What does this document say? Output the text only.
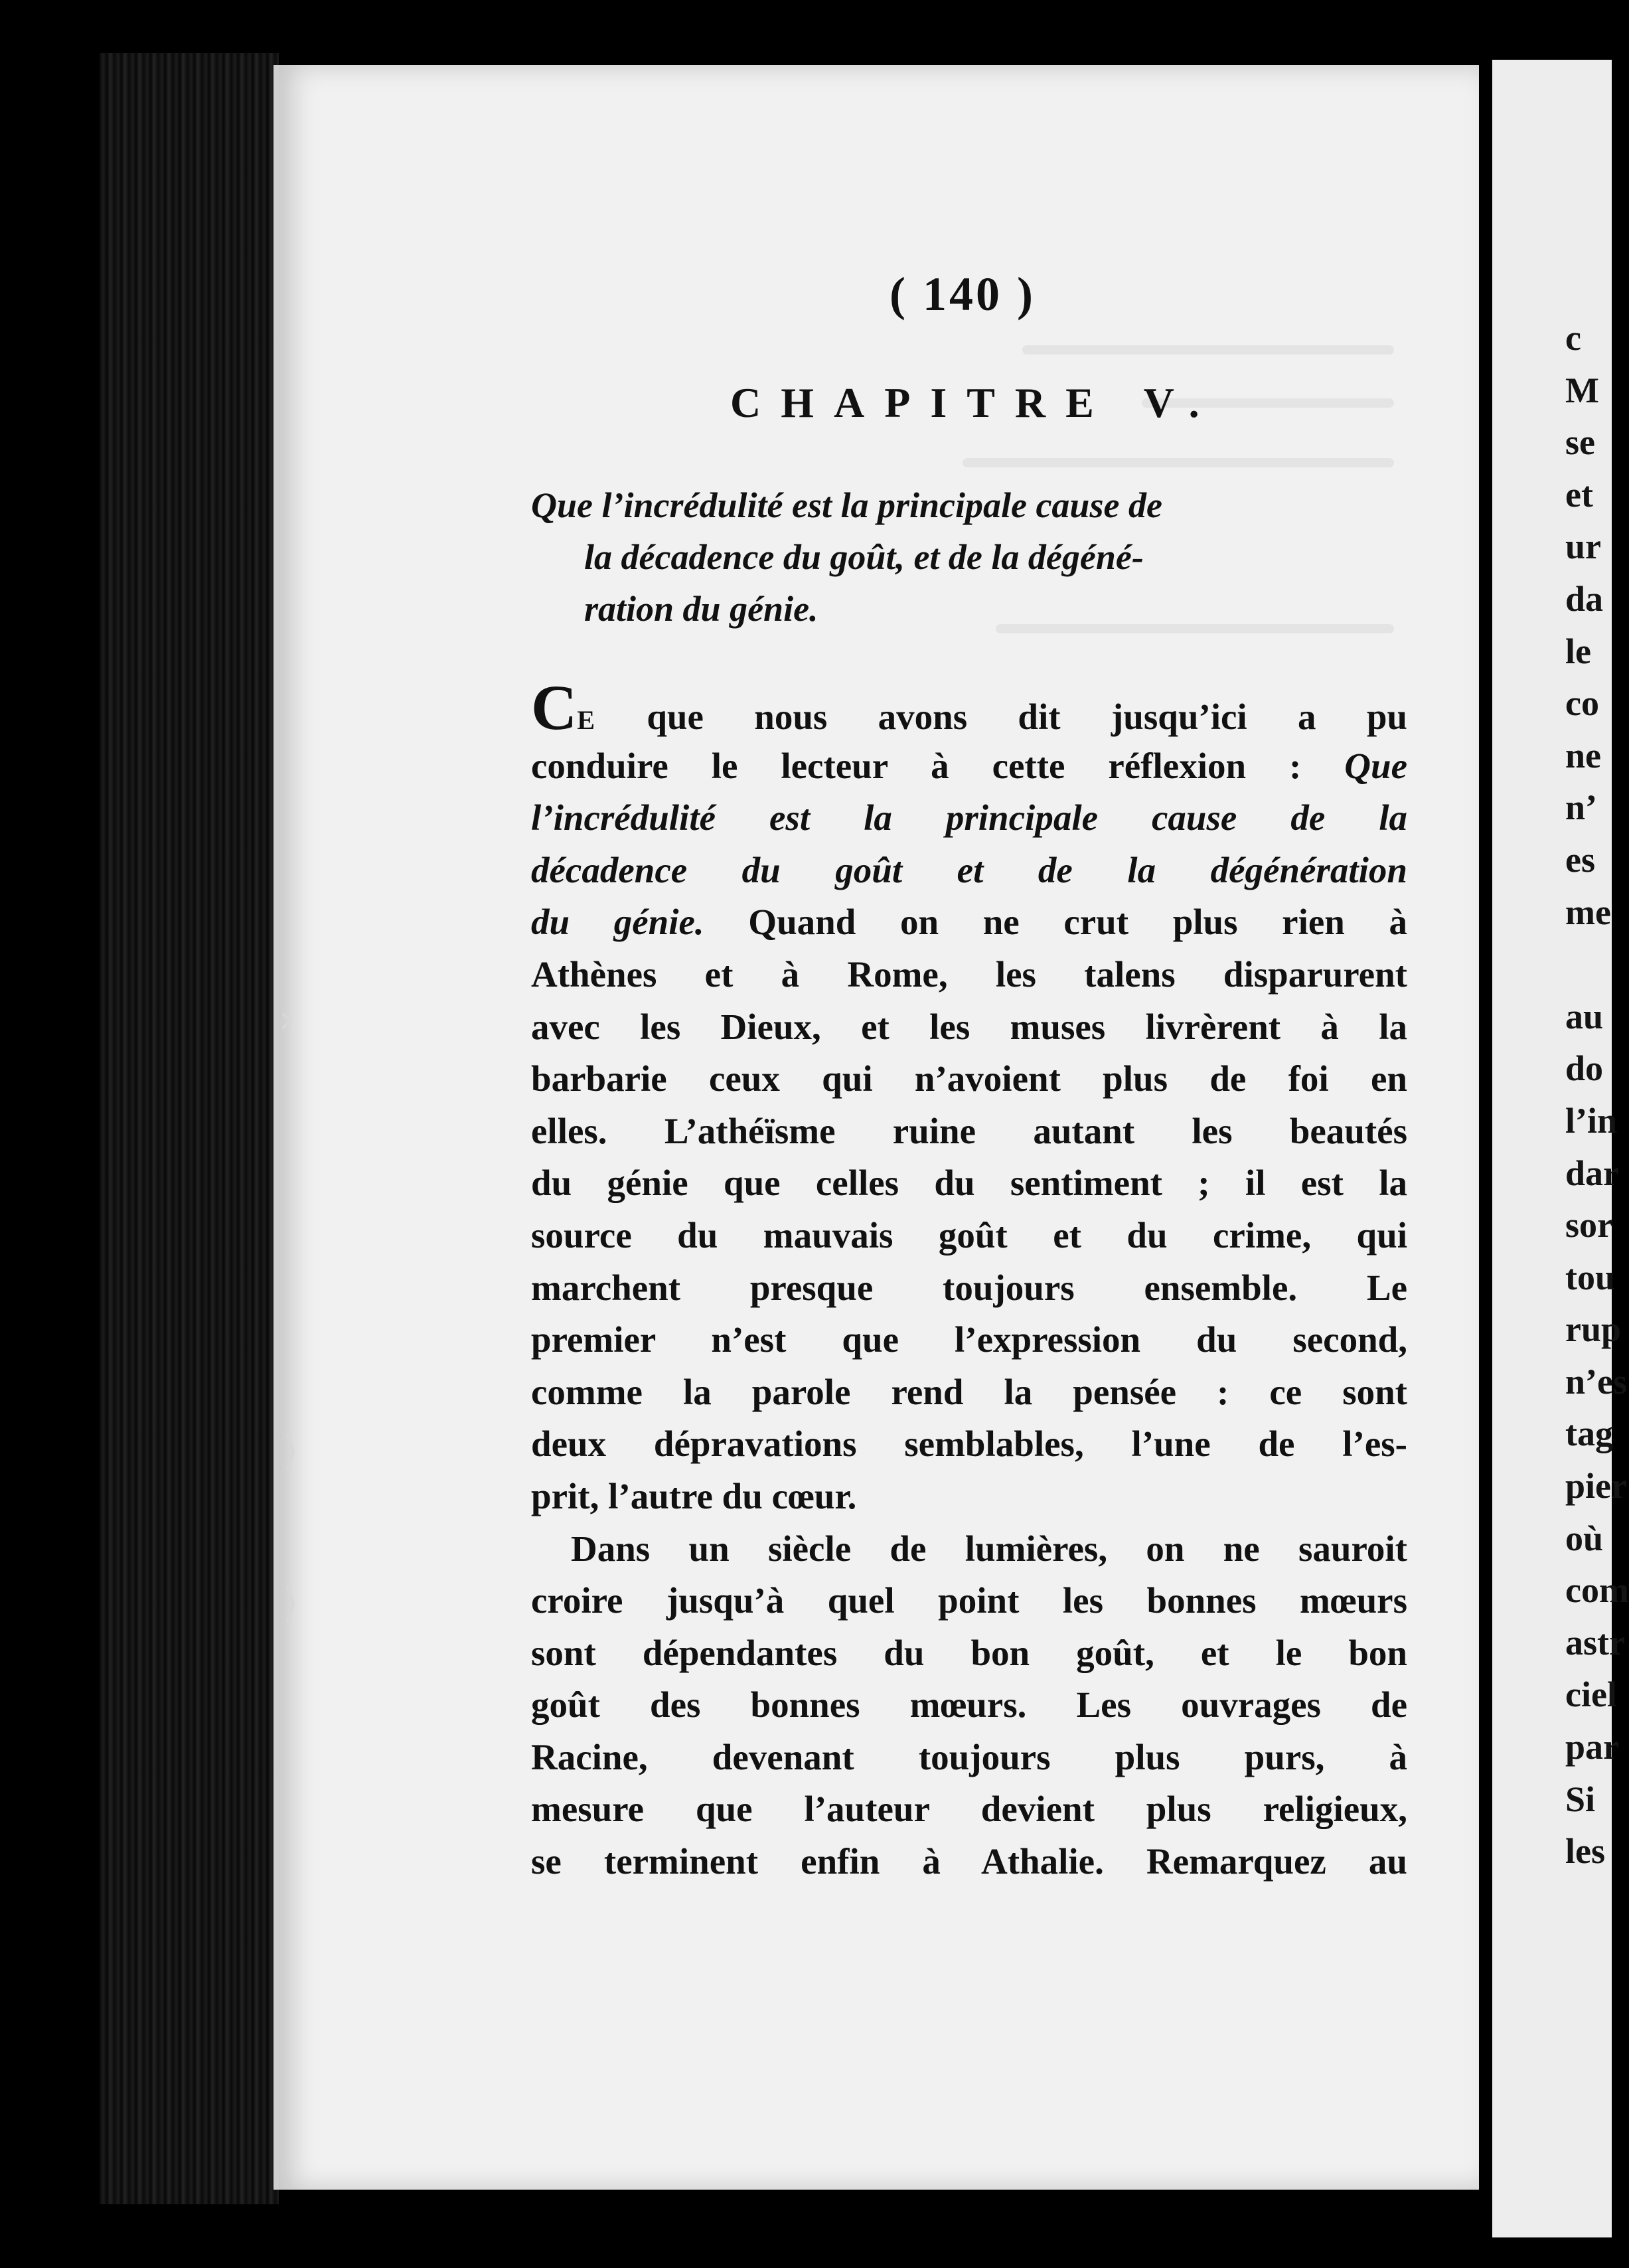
c
M
se
et
ur
da
le
co
ne
n’
es
me
au
do
l’in
dar
sor
tou
rup
n’es
tag
pier
où
com
astr
ciel
par
Si
les
›
⟩
⟩
( 140 )
CHAPITRE V.
Que l’incrédulité est la principale cause de
la décadence du goût, et de la dégéné-
ration du génie.
CE que nous avons dit jusqu’ici a pu
conduire le lecteur à cette réflexion : Que
l’incrédulité est la principale cause de la
décadence du goût et de la dégénération
du génie. Quand on ne crut plus rien à
Athènes et à Rome, les talens disparurent
avec les Dieux, et les muses livrèrent à la
barbarie ceux qui n’avoient plus de foi en
elles. L’athéïsme ruine autant les beautés
du génie que celles du sentiment ; il est la
source du mauvais goût et du crime, qui
marchent presque toujours ensemble. Le
premier n’est que l’expression du second,
comme la parole rend la pensée : ce sont
deux dépravations semblables, l’une de l’es-
prit, l’autre du cœur.
Dans un siècle de lumières, on ne sauroit
croire jusqu’à quel point les bonnes mœurs
sont dépendantes du bon goût, et le bon
goût des bonnes mœurs. Les ouvrages de
Racine, devenant toujours plus purs, à
mesure que l’auteur devient plus religieux,
se terminent enfin à Athalie. Remarquez au
